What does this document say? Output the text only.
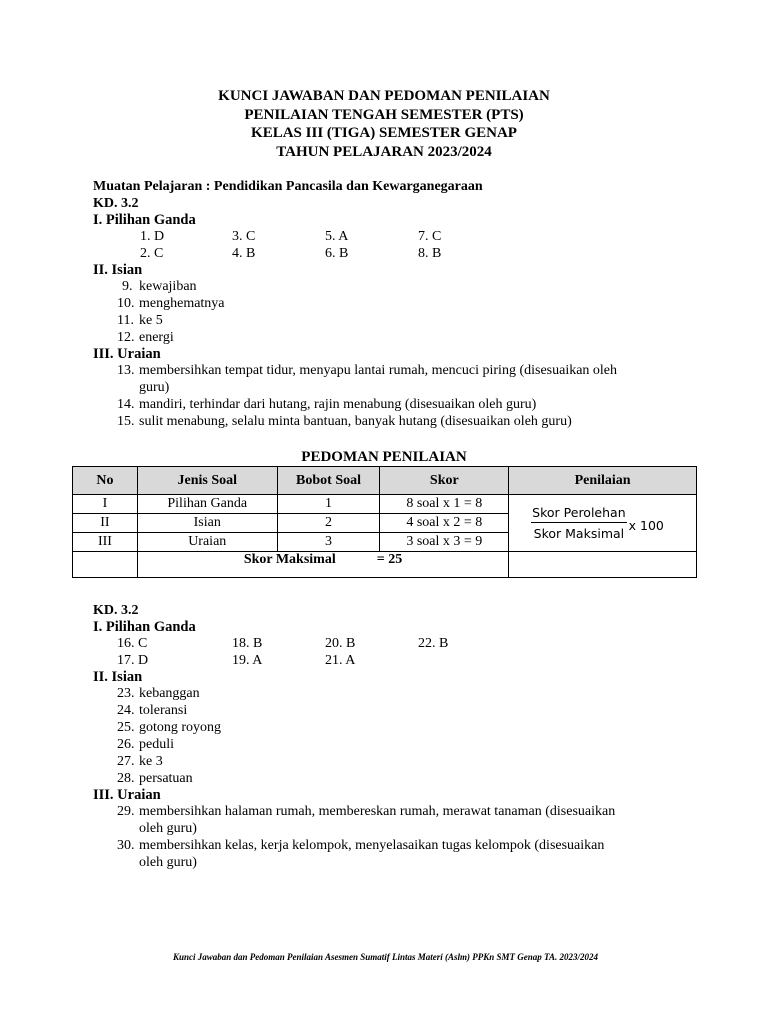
KUNCI JAWABAN DAN PEDOMAN PENILAIAN
PENILAIAN TENGAH SEMESTER (PTS)
KELAS III (TIGA) SEMESTER GENAP
TAHUN PELAJARAN 2023/2024
Muatan Pelajaran : Pendidikan Pancasila dan Kewarganegaraan
KD. 3.2
I. Pilihan Ganda
1. D	3. C	5. A	7. C
2. C	4. B	6. B	8. B
II. Isian
9. kewajiban
10. menghematnya
11. ke 5
12. energi
III. Uraian
13. membersihkan tempat tidur, menyapu lantai rumah, mencuci piring (disesuaikan oleh
guru)
14. mandiri, terhindar dari hutang, rajin menabung (disesuaikan oleh guru)
15. sulit menabung, selalu minta bantuan, banyak hutang (disesuaikan oleh guru)
PEDOMAN PENILAIAN
No	Jenis Soal	Bobot Soal	Skor	Penilaian
I	Pilihan Ganda	1	8 soal x 1 = 8	$\frac{\text{Skor Perolehan}}{\text{Skor Maksimal}}$ x 100

II	Isian	2	4 soal x 2 = 8	
III	Uraian	3	3 soal x 3 = 9	
	Skor Maksimal = 25			
KD. 3.2
I. Pilihan Ganda
16. C	18. B	20. B	22. B
17. D	19. A	21. A
II. Isian
23. kebanggan
24. toleransi
25. gotong royong
26. peduli
27. ke 3
28. persatuan
III. Uraian
29. membersihkan halaman rumah, membereskan rumah, merawat tanaman (disesuaikan
oleh guru)
30. membersihkan kelas, kerja kelompok, menyelasaikan tugas kelompok (disesuaikan
oleh guru)
Kunci Jawaban dan Pedoman Penilaian Asesmen Sumatif Lintas Materi (Aslm) PPKn SMT Genap TA. 2023/2024
